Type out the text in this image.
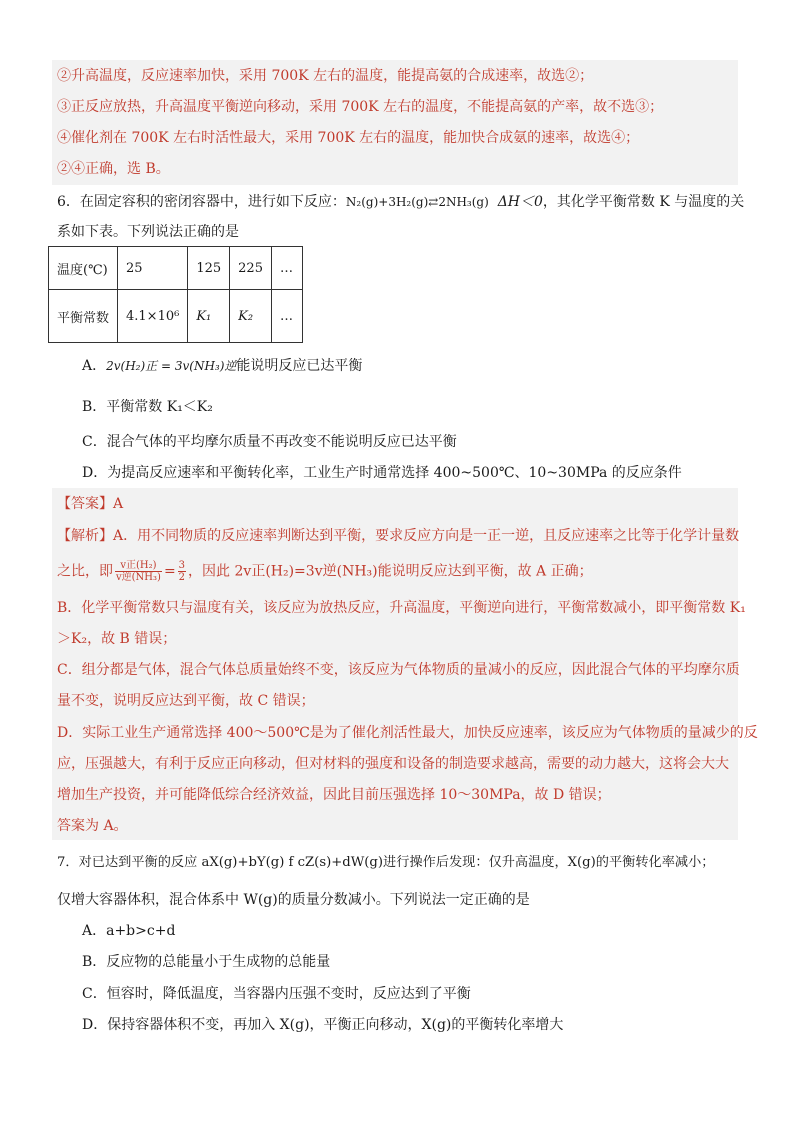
②升高温度，反应速率加快，采用 700K 左右的温度，能提高氨的合成速率，故选②；
③正反应放热，升高温度平衡逆向移动，采用 700K 左右的温度，不能提高氨的产率，故不选③；
④催化剂在 700K 左右时活性最大，采用 700K 左右的温度，能加快合成氨的速率，故选④；
②④正确，选 B。
6．在固定容积的密闭容器中，进行如下反应：N₂(g)+3H₂(g)⇄2NH₃(g) ΔH＜0，其化学平衡常数 K 与温度的关
系如下表。下列说法正确的是
温度(℃)	25	125	225	…
平衡常数	4.1×10⁶	K₁	K₂	…
A．2v(H₂)正 = 3v(NH₃)逆能说明反应已达平衡
B．平衡常数 K₁＜K₂
C．混合气体的平均摩尔质量不再改变不能说明反应已达平衡
D．为提高反应速率和平衡转化率，工业生产时通常选择 400~500℃、10~30MPa 的反应条件
【答案】A
【解析】A．用不同物质的反应速率判断达到平衡，要求反应方向是一正一逆，且反应速率之比等于化学计量数
之比，即 $\frac{\text{v正(H₂)}}{\text{v逆(NH₃)}} = \frac{3}{2}$ ，因此 2v正(H₂)=3v逆(NH₃)能说明反应达到平衡，故 A 正确；
B．化学平衡常数只与温度有关，该反应为放热反应，升高温度，平衡逆向进行，平衡常数减小，即平衡常数 K₁
＞K₂，故 B 错误；
C．组分都是气体，混合气体总质量始终不变，该反应为气体物质的量减小的反应，因此混合气体的平均摩尔质
量不变，说明反应达到平衡，故 C 错误；
D．实际工业生产通常选择 400～500℃是为了催化剂活性最大，加快反应速率，该反应为气体物质的量减少的反
应，压强越大，有利于反应正向移动，但对材料的强度和设备的制造要求越高，需要的动力越大，这将会大大
增加生产投资，并可能降低综合经济效益，因此目前压强选择 10～30MPa，故 D 错误；
答案为 A。
7．对已达到平衡的反应 aX(g)+bY(g) f cZ(s)+dW(g)进行操作后发现：仅升高温度，X(g)的平衡转化率减小；
仅增大容器体积，混合体系中 W(g)的质量分数减小。下列说法一定正确的是
A．a+b>c+d
B．反应物的总能量小于生成物的总能量
C．恒容时，降低温度，当容器内压强不变时，反应达到了平衡
D．保持容器体积不变，再加入 X(g)，平衡正向移动，X(g)的平衡转化率增大
